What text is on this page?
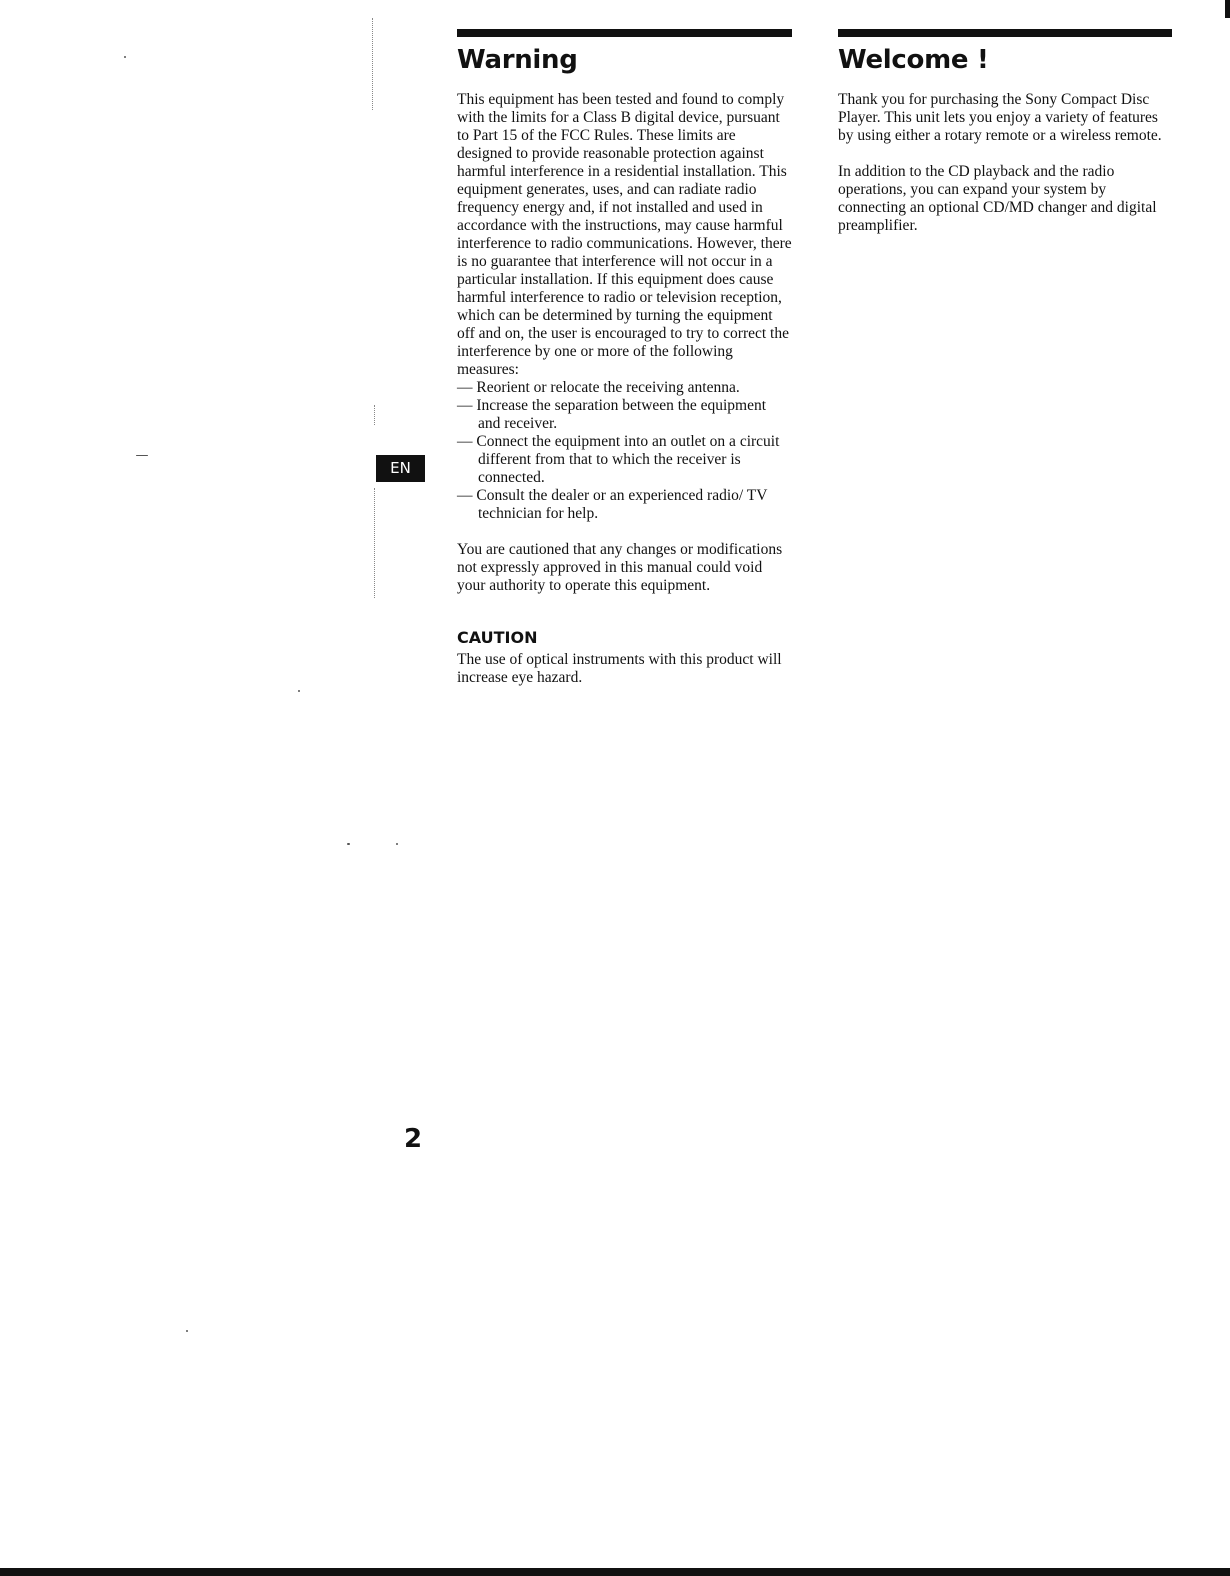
EN
Warning

This equipment has been tested and found to comply with the limits for a Class B digital device, pursuant to Part 15 of the FCC Rules. These limits are designed to provide reasonable protection against harmful interference in a residential installation. This equipment generates, uses, and can radiate radio frequency energy and, if not installed and used in accordance with the instructions, may cause harmful interference to radio communications. However, there is no guarantee that interference will not occur in a particular installation. If this equipment does cause harmful interference to radio or television reception, which can be determined by turning the equipment off and on, the user is encouraged to try to correct the interference by one or more of the following measures:

— Reorient or relocate the receiving antenna.
— Increase the separation between the equipment and receiver.
— Connect the equipment into an outlet on a circuit different from that to which the receiver is connected.
— Consult the dealer or an experienced radio/ TV technician for help.

You are cautioned that any changes or modifications not expressly approved in this manual could void your authority to operate this equipment.

CAUTION

The use of optical instruments with this product will increase eye hazard.

Welcome !

Thank you for purchasing the Sony Compact Disc Player. This unit lets you enjoy a variety of features by using either a rotary remote or a wireless remote.

In addition to the CD playback and the radio operations, you can expand your system by connecting an optional CD/MD changer and digital preamplifier.

2
